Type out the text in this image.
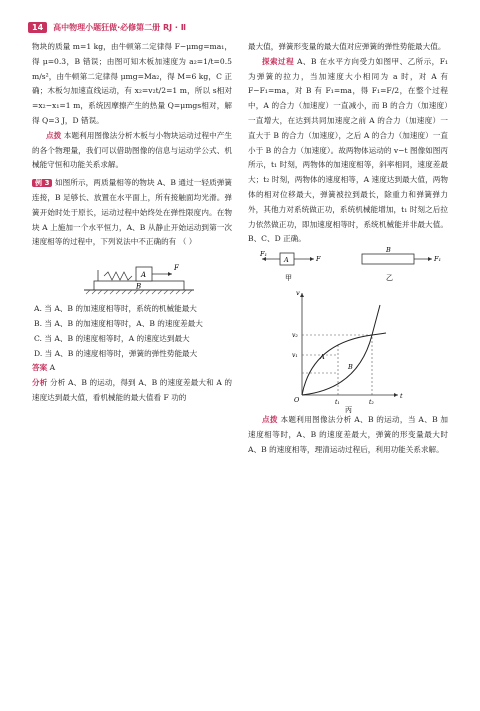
14	高中物理小题狂做·必修第二册 RJ · Ⅱ

物块的质量 m=1 kg，由牛顿第二定律得 F−μmg=ma₁，得 μ=0.3，B 错误；由图可知木板加速度为 a₂=1/t=0.5 m/s²，由牛顿第二定律得 μmg=Ma₂，得 M=6 kg，C 正确；木板匀加速直线运动，有 x₂=v₂t/2=1 m，所以 s相对=x₂−x₁=1 m，系统因摩擦产生的热量 Q=μmgs相对，解得 Q=3 J，D 错误。

点拨 本题利用图像法分析木板与小物块运动过程中产生的各个物理量，我们可以借助图像的信息与运动学公式、机械能守恒和功能关系求解。

例 3 如图所示，两质量相等的物块 A、B 通过一轻质弹簧连接，B 足够长、放置在水平面上，所有接触面均光滑。弹簧开始时处于原长，运动过程中始终处在弹性限度内。在物块 A 上施加一个水平恒力，A、B 从静止开始运动到第一次速度相等的过程中，下列说法中不正确的有 （ ）

B
A
F

A. 当 A、B 的加速度相等时，系统的机械能最大

B. 当 A、B 的加速度相等时，A、B 的速度差最大

C. 当 A、B 的速度相等时，A 的速度达到最大

D. 当 A、B 的速度相等时，弹簧的弹性势能最大

答案 A

分析 分析 A、B 的运动，得到 A、B 的速度差最大和 A 的速度达到最大值，看机械能的最大值看 F 功的

最大值，弹簧形变量的最大值对应弹簧的弹性势能最大值。

探索过程 A、B 在水平方向受力如图甲、乙所示，F₁ 为弹簧的拉力，当加速度大小相同为 a 时，对 A 有 F−F₁=ma，对 B 有 F₁=ma，得 F₁=F/2，在整个过程中，A 的合力（加速度）一直减小，而 B 的合力（加速度）一直增大，在达到共同加速度之前 A 的合力（加速度）一直大于 B 的合力（加速度），之后 A 的合力（加速度）一直小于 B 的合力（加速度）。故两物体运动的 v−t 图像如图丙所示，t₁ 时刻，两物体的加速度相等，斜率相同，速度差最大；t₂ 时刻，两物体的速度相等，A 速度达到最大值，两物体的相对位移最大，弹簧被拉到最长，除重力和弹簧弹力外，其他力对系统做正功，系统机械能增加，t₁ 时刻之后拉力依然做正功，即加速度相等时，系统机械能并非最大值。B、C、D 正确。

F₁
A	F
甲
B
F₁
乙
t
v
O
v₂
v₁	A
B
t₁	t₂
丙

点拨 本题利用图像法分析 A、B 的运动，当 A、B 加速度相等时，A、B 的速度差最大，弹簧的形变量最大时 A、B 的速度相等，理清运动过程后，利用功能关系求解。
